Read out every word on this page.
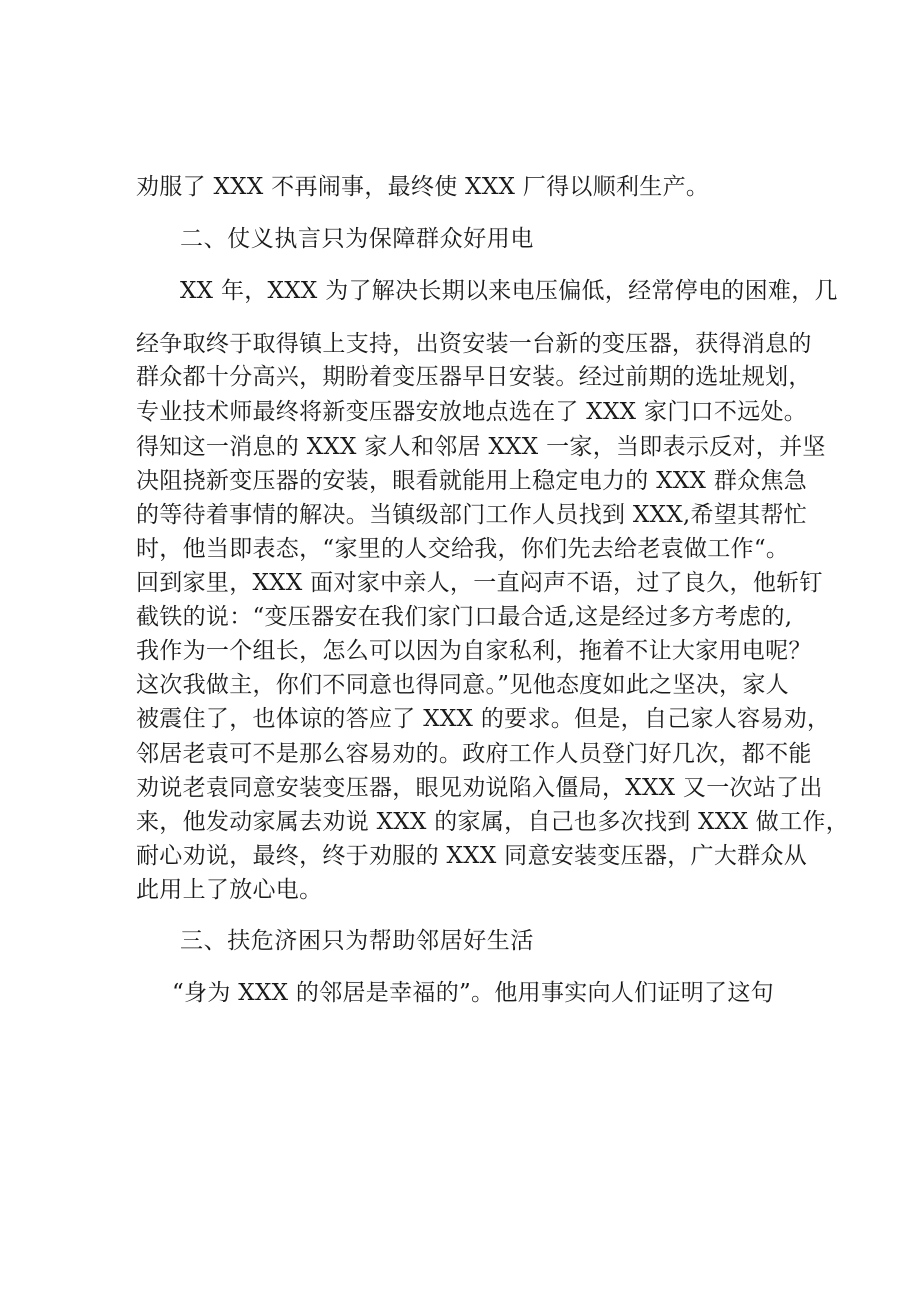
劝服了 XXX 不再闹事，最终使 XXX 厂得以顺利生产。
二、仗义执言只为保障群众好用电
XX 年，XXX 为了解决长期以来电压偏低，经常停电的困难，几
经争取终于取得镇上支持，出资安装一台新的变压器，获得消息的
群众都十分高兴，期盼着变压器早日安装。经过前期的选址规划，
专业技术师最终将新变压器安放地点选在了 XXX 家门口不远处。
得知这一消息的 XXX 家人和邻居 XXX 一家，当即表示反对，并坚
决阻挠新变压器的安装，眼看就能用上稳定电力的 XXX 群众焦急
的等待着事情的解决。当镇级部门工作人员找到 XXX,希望其帮忙
时，他当即表态，“家里的人交给我，你们先去给老袁做工作“。
回到家里，XXX 面对家中亲人，一直闷声不语，过了良久，他斩钉
截铁的说：“变压器安在我们家门口最合适,这是经过多方考虑的,
我作为一个组长，怎么可以因为自家私利，拖着不让大家用电呢？
这次我做主，你们不同意也得同意。”见他态度如此之坚决，家人
被震住了，也体谅的答应了 XXX 的要求。但是，自己家人容易劝，
邻居老袁可不是那么容易劝的。政府工作人员登门好几次，都不能
劝说老袁同意安装变压器，眼见劝说陷入僵局，XXX 又一次站了出
来，他发动家属去劝说 XXX 的家属，自己也多次找到 XXX 做工作，
耐心劝说，最终，终于劝服的 XXX 同意安装变压器，广大群众从
此用上了放心电。
三、扶危济困只为帮助邻居好生活
“身为 XXX 的邻居是幸福的”。他用事实向人们证明了这句
